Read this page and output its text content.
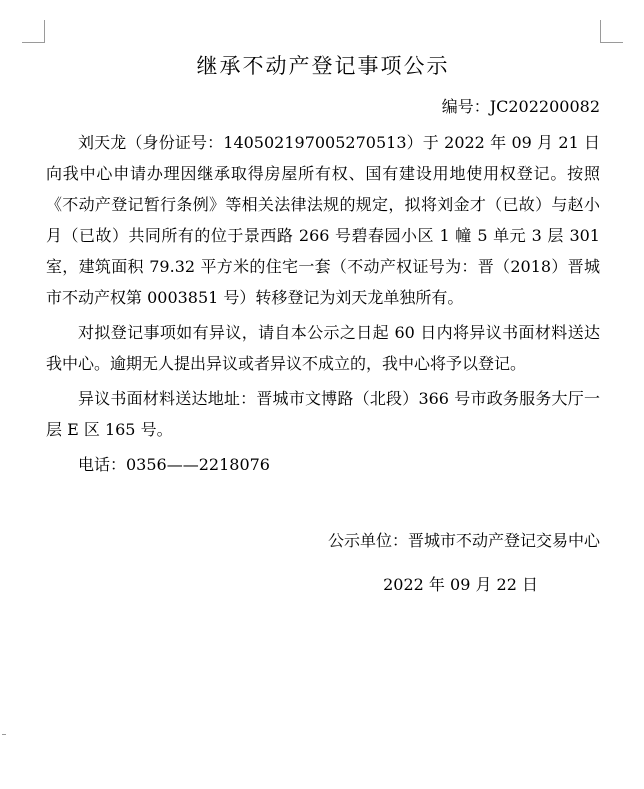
继承不动产登记事项公示
编号：JC202200082

刘天龙（身份证号：140502197005270513）于 2022 年 09 月 21 日向我中心申请办理因继承取得房屋所有权、国有建设用地使用权登记。按照《不动产登记暂行条例》等相关法律法规的规定，拟将刘金才（已故）与赵小月（已故）共同所有的位于景西路 266 号碧春园小区 1 幢 5 单元 3 层 301 室，建筑面积 79.32 平方米的住宅一套（不动产权证号为：晋（2018）晋城市不动产权第 0003851 号）转移登记为刘天龙单独所有。

对拟登记事项如有异议，请自本公示之日起 60 日内将异议书面材料送达我中心。逾期无人提出异议或者异议不成立的，我中心将予以登记。

异议书面材料送达地址：晋城市文博路（北段）366 号市政务服务大厅一层 E 区 165 号。

电话：0356——2218076

公示单位：晋城市不动产登记交易中心
2022 年 09 月 22 日
